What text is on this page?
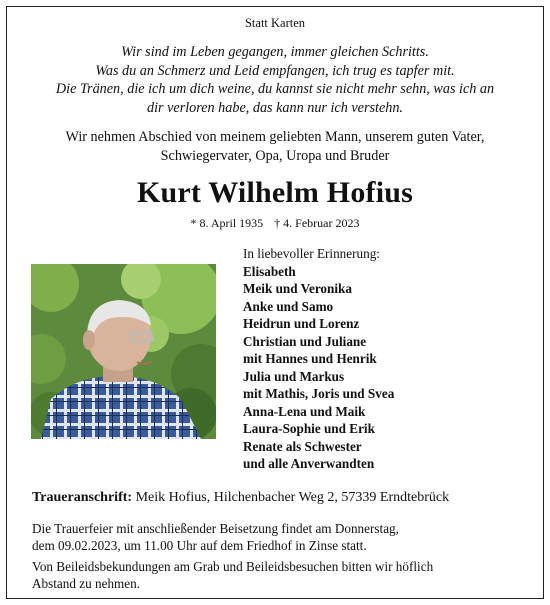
Statt Karten
Wir sind im Leben gegangen, immer gleichen Schritts.
Was du an Schmerz und Leid empfangen, ich trug es tapfer mit.
Die Tränen, die ich um dich weine, du kannst sie nicht mehr sehn, was ich an
dir verloren habe, das kann nur ich verstehn.
Wir nehmen Abschied von meinem geliebten Mann, unserem guten Vater,
Schwiegervater, Opa, Uropa und Bruder
Kurt Wilhelm Hofius
* 8. April 1935 † 4. Februar 2023
In liebevoller Erinnerung:
Elisabeth
Meik und Veronika
Anke und Samo
Heidrun und Lorenz
Christian und Juliane
mit Hannes und Henrik
Julia und Markus
mit Mathis, Joris und Svea
Anna-Lena und Maik
Laura-Sophie und Erik
Renate als Schwester
und alle Anverwandten
Traueranschrift: Meik Hofius, Hilchenbacher Weg 2, 57339 Erndtebrück
Die Trauerfeier mit anschließender Beisetzung findet am Donnerstag,
dem 09.02.2023, um 11.00 Uhr auf dem Friedhof in Zinse statt.
Von Beileidsbekundungen am Grab und Beileidsbesuchen bitten wir höflich
Abstand zu nehmen.
